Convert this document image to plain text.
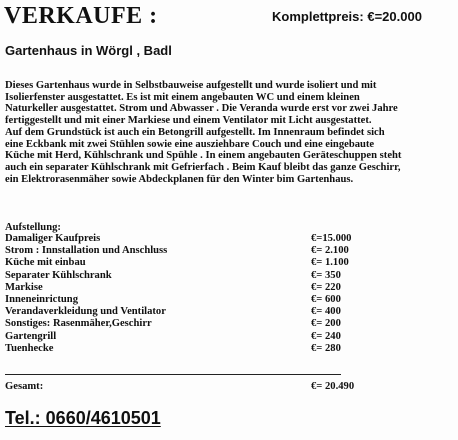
VERKAUFE :	Komplettpreis: €=20.000
Gartenhaus in Wörgl , Badl
Dieses Gartenhaus wurde in Selbstbauweise aufgestellt und wurde isoliert und mit
Isolierfenster ausgestattet. Es ist mit einem angebauten WC und einem kleinen
Naturkeller ausgestattet. Strom und Abwasser . Die Veranda wurde erst vor zwei Jahre
fertiggestellt und mit einer Markiese und einem Ventilator mit Licht ausgestattet.
Auf dem Grundstück ist auch ein Betongrill aufgestellt. Im Innenraum befindet sich
eine Eckbank mit zwei Stühlen sowie eine ausziehbare Couch und eine eingebaute
Küche mit Herd, Kühlschrank und Spühle . In einem angebauten Geräteschuppen steht
auch ein separater Kühlschrank mit Gefrierfach . Beim Kauf bleibt das ganze Geschirr,
ein Elektrorasenmäher sowie Abdeckplanen für den Winter bim Gartenhaus.
Aufstellung:
Damaliger Kaufpreis	€=15.000
Strom : Innstallation und Anschluss	€= 2.100
Küche mit einbau	€= 1.100
Separater Kühlschrank	€= 350
Markise	€= 220
Inneneinrictung	€= 600
Verandaverkleidung und Ventilator	€= 400
Sonstiges: Rasenmäher,Geschirr	€= 200
Gartengrill	€= 240
Tuenhecke	€= 280
Gesamt:	€= 20.490
Tel.: 0660/4610501
